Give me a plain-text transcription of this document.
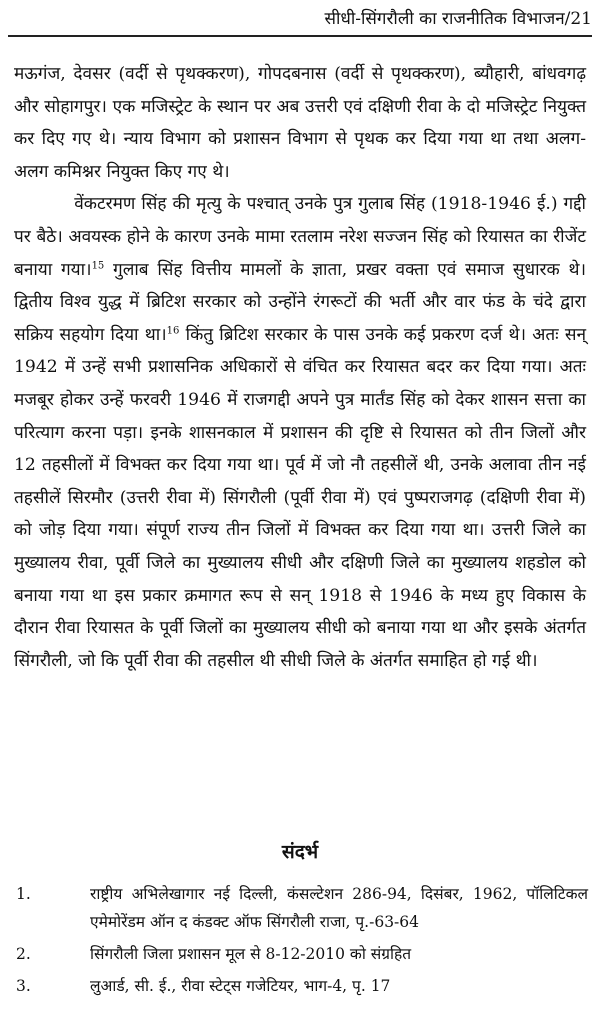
सीधी-सिंगरौली का राजनीतिक विभाजन/21

मऊगंज, देवसर (वर्दी से पृथक्करण), गोपदबनास (वर्दी से पृथक्करण), ब्यौहारी, बांधवगढ़ और सोहागपुर। एक मजिस्ट्रेट के स्थान पर अब उत्तरी एवं दक्षिणी रीवा के दो मजिस्ट्रेट नियुक्त कर दिए गए थे। न्याय विभाग को प्रशासन विभाग से पृथक कर दिया गया था तथा अलग-अलग कमिश्नर नियुक्त किए गए थे।

वेंकटरमण सिंह की मृत्यु के पश्चात् उनके पुत्र गुलाब सिंह (1918-1946 ई.) गद्दी पर बैठे। अवयस्क होने के कारण उनके मामा रतलाम नरेश सज्जन सिंह को रियासत का रीजेंट बनाया गया।$^{15}$ गुलाब सिंह वित्तीय मामलों के ज्ञाता, प्रखर वक्ता एवं समाज सुधारक थे। द्वितीय विश्व युद्ध में ब्रिटिश सरकार को उन्होंने रंगरूटों की भर्ती और वार फंड के चंदे द्वारा सक्रिय सहयोग दिया था।$^{16}$ किंतु ब्रिटिश सरकार के पास उनके कई प्रकरण दर्ज थे। अतः सन् 1942 में उन्हें सभी प्रशासनिक अधिकारों से वंचित कर रियासत बदर कर दिया गया। अतः मजबूर होकर उन्हें फरवरी 1946 में राजगद्दी अपने पुत्र मार्तंड सिंह को देकर शासन सत्ता का परित्याग करना पड़ा। इनके शासनकाल में प्रशासन की दृष्टि से रियासत को तीन जिलों और 12 तहसीलों में विभक्त कर दिया गया था। पूर्व में जो नौ तहसीलें थी, उनके अलावा तीन नई तहसीलें सिरमौर (उत्तरी रीवा में) सिंगरौली (पूर्वी रीवा में) एवं पुष्पराजगढ़ (दक्षिणी रीवा में) को जोड़ दिया गया। संपूर्ण राज्य तीन जिलों में विभक्त कर दिया गया था। उत्तरी जिले का मुख्यालय रीवा, पूर्वी जिले का मुख्यालय सीधी और दक्षिणी जिले का मुख्यालय शहडोल को बनाया गया था इस प्रकार क्रमागत रूप से सन् 1918 से 1946 के मध्य हुए विकास के दौरान रीवा रियासत के पूर्वी जिलों का मुख्यालय सीधी को बनाया गया था और इसके अंतर्गत सिंगरौली, जो कि पूर्वी रीवा की तहसील थी सीधी जिले के अंतर्गत समाहित हो गई थी।

संदर्भ
1.	राष्ट्रीय अभिलेखागार नई दिल्ली, कंसल्टेशन 286-94, दिसंबर, 1962, पॉलिटिकल एमेमोरेंडम ऑन द कंडक्ट ऑफ सिंगरौली राजा, पृ.-63-64
2.	सिंगरौली जिला प्रशासन मूल से 8-12-2010 को संग्रहित
3.	लुआर्ड, सी. ई., रीवा स्टेट्स गजेटियर, भाग-4, पृ. 17
